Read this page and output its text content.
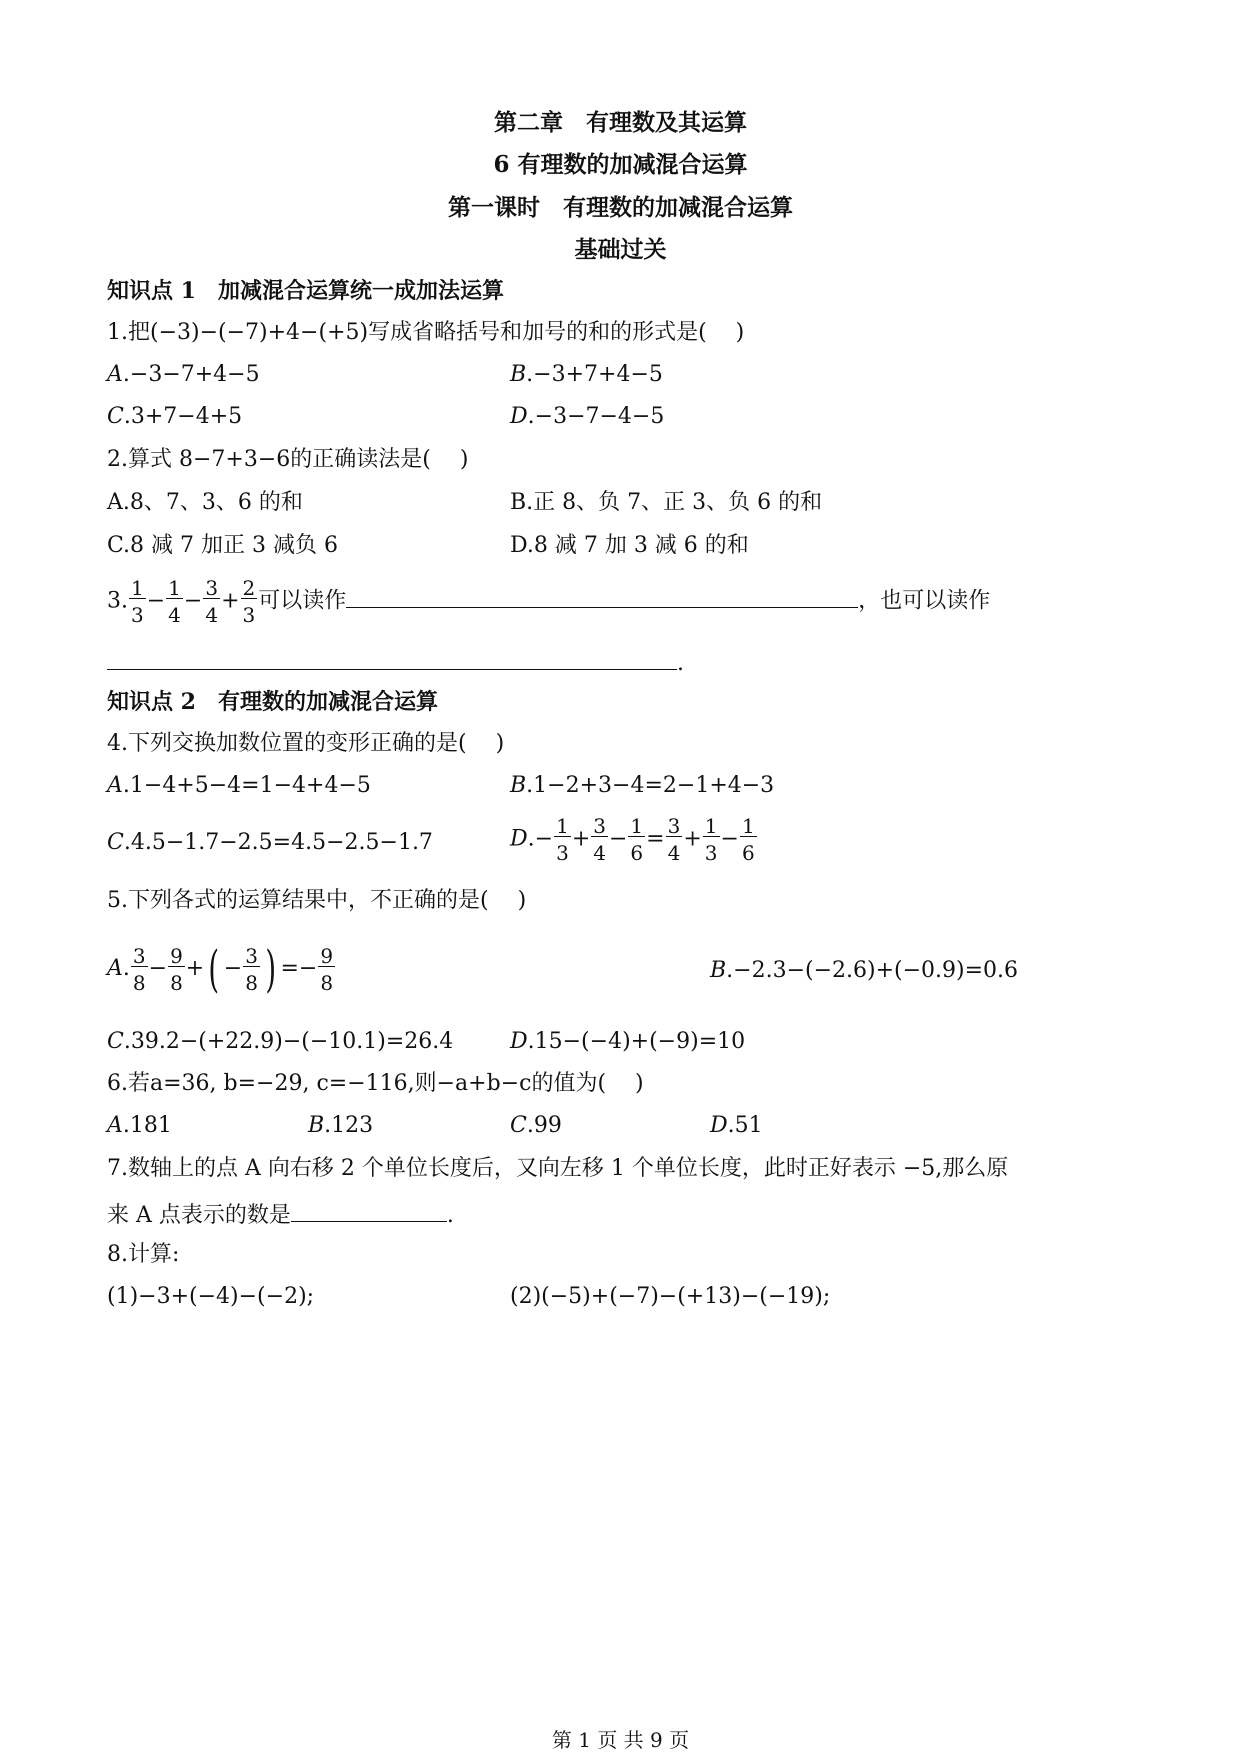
第二章　有理数及其运算
6 有理数的加减混合运算
第一课时　有理数的加减混合运算
基础过关
知识点 1　加减混合运算统一成加法运算
1.把(−3)−(−7)+4−(+5)写成省略括号和加号的和的形式是(　 )
A.−3−7+4−5	B.−3+7+4−5
C.3+7−4+5	D.−3−7−4−5
2.算式 8−7+3−6的正确读法是(　 )
A.8、7、3、6 的和	B.正 8、负 7、正 3、负 6 的和
C.8 减 7 加正 3 减负 6	D.8 减 7 加 3 减 6 的和
3. $\frac{1}{3} - \frac{1}{4} - \frac{3}{4} + \frac{2}{3}$ 可以读作	，也可以读作
.
知识点 2　有理数的加减混合运算
4.下列交换加数位置的变形正确的是(　 )
A.1−4+5−4=1−4+4−5	B.1−2+3−4=2−1+4−3
C.4.5−1.7−2.5=4.5−2.5−1.7	$D.- \frac{1}{3} + \frac{3}{4} - \frac{1}{6} = \frac{3}{4} + \frac{1}{3} - \frac{1}{6}$
5.下列各式的运算结果中，不正确的是(　 )
A. $\frac{3}{8} - \frac{9}{8}$ +( − $\frac{3}{8}$ ) =− $\frac{9}{8}$	B.−2.3−(−2.6)+(−0.9)=0.6
C.39.2−(+22.9)−(−10.1)=26.4	D.15−(−4)+(−9)=10
6.若a=36, b=−29, c=−116,则−a+b−c的值为(　 )
A.181	B.123	C.99	D.51
7.数轴上的点 A 向右移 2 个单位长度后，又向左移 1 个单位长度，此时正好表示 −5,那么原
来 A 点表示的数是	.
8.计算:
(1)−3+(−4)−(−2);	(2)(−5)+(−7)−(+13)−(−19);
第 1 页 共 9 页
